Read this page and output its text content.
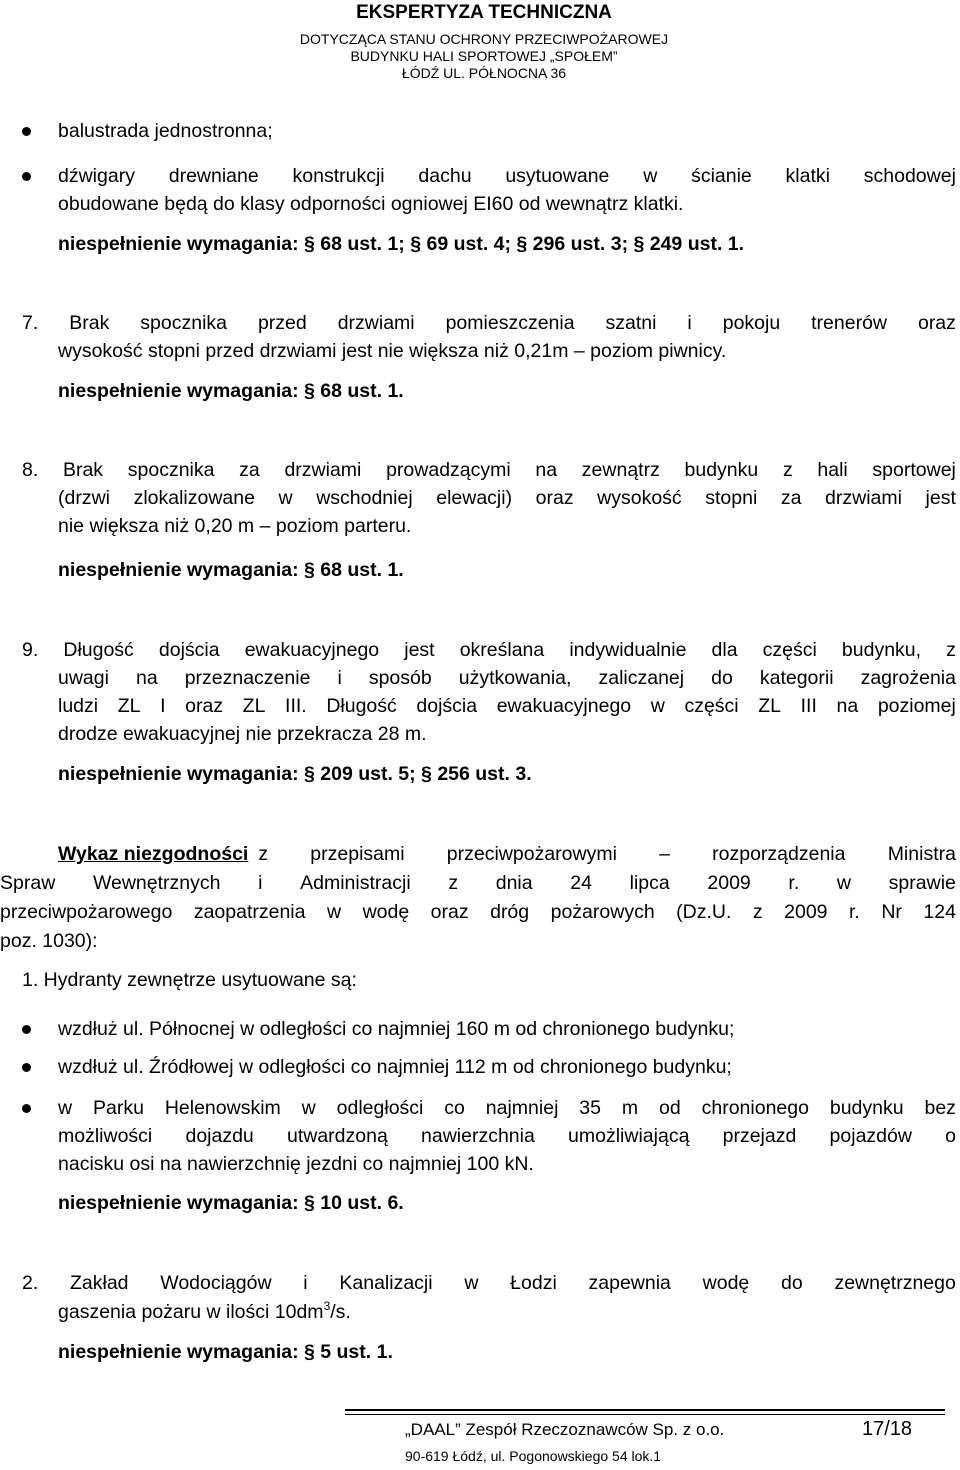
EKSPERTYZA TECHNICZNA
DOTYCZĄCA STANU OCHRONY PRZECIWPOŻAROWEJ
BUDYNKU HALI SPORTOWEJ „SPOŁEM”
ŁÓDŹ UL. PÓŁNOCNA 36
balustrada jednostronna;
dźwigary drewniane konstrukcji dachu usytuowane w ścianie klatki schodowej
obudowane będą do klasy odporności ogniowej EI60 od wewnątrz klatki.
niespełnienie wymagania: § 68 ust. 1; § 69 ust. 4; § 296 ust. 3; § 249 ust. 1.
7. Brak spocznika przed drzwiami pomieszczenia szatni i pokoju trenerów oraz
wysokość stopni przed drzwiami jest nie większa niż 0,21m – poziom piwnicy.
niespełnienie wymagania: § 68 ust. 1.
8. Brak spocznika za drzwiami prowadzącymi na zewnątrz budynku z hali sportowej
(drzwi zlokalizowane w wschodniej elewacji) oraz wysokość stopni za drzwiami jest
nie większa niż 0,20 m – poziom parteru.
niespełnienie wymagania: § 68 ust. 1.
9. Długość dojścia ewakuacyjnego jest określana indywidualnie dla części budynku, z
uwagi na przeznaczenie i sposób użytkowania, zaliczanej do kategorii zagrożenia
ludzi ZL I oraz ZL III. Długość dojścia ewakuacyjnego w części ZL III na poziomej
drodze ewakuacyjnej nie przekracza 28 m.
niespełnienie wymagania: § 209 ust. 5; § 256 ust. 3.
Wykaz niezgodności z przepisami przeciwpożarowymi – rozporządzenia Ministra
Spraw Wewnętrznych i Administracji z dnia 24 lipca 2009 r. w sprawie
przeciwpożarowego zaopatrzenia w wodę oraz dróg pożarowych (Dz.U. z 2009 r. Nr 124
poz. 1030):
1. Hydranty zewnętrze usytuowane są:
wzdłuż ul. Północnej w odległości co najmniej 160 m od chronionego budynku;
wzdłuż ul. Źródłowej w odległości co najmniej 112 m od chronionego budynku;
w Parku Helenowskim w odległości co najmniej 35 m od chronionego budynku bez
możliwości dojazdu utwardzoną nawierzchnia umożliwiającą przejazd pojazdów o
nacisku osi na nawierzchnię jezdni co najmniej 100 kN.
niespełnienie wymagania: § 10 ust. 6.
2. Zakład Wodociągów i Kanalizacji w Łodzi zapewnia wodę do zewnętrznego
gaszenia pożaru w ilości $10dm^3/s$.
niespełnienie wymagania: § 5 ust. 1.
„DAAL” Zespół Rzeczoznawców Sp. z o.o.
90-619 Łódź, ul. Pogonowskiego 54 lok.1
17/18
